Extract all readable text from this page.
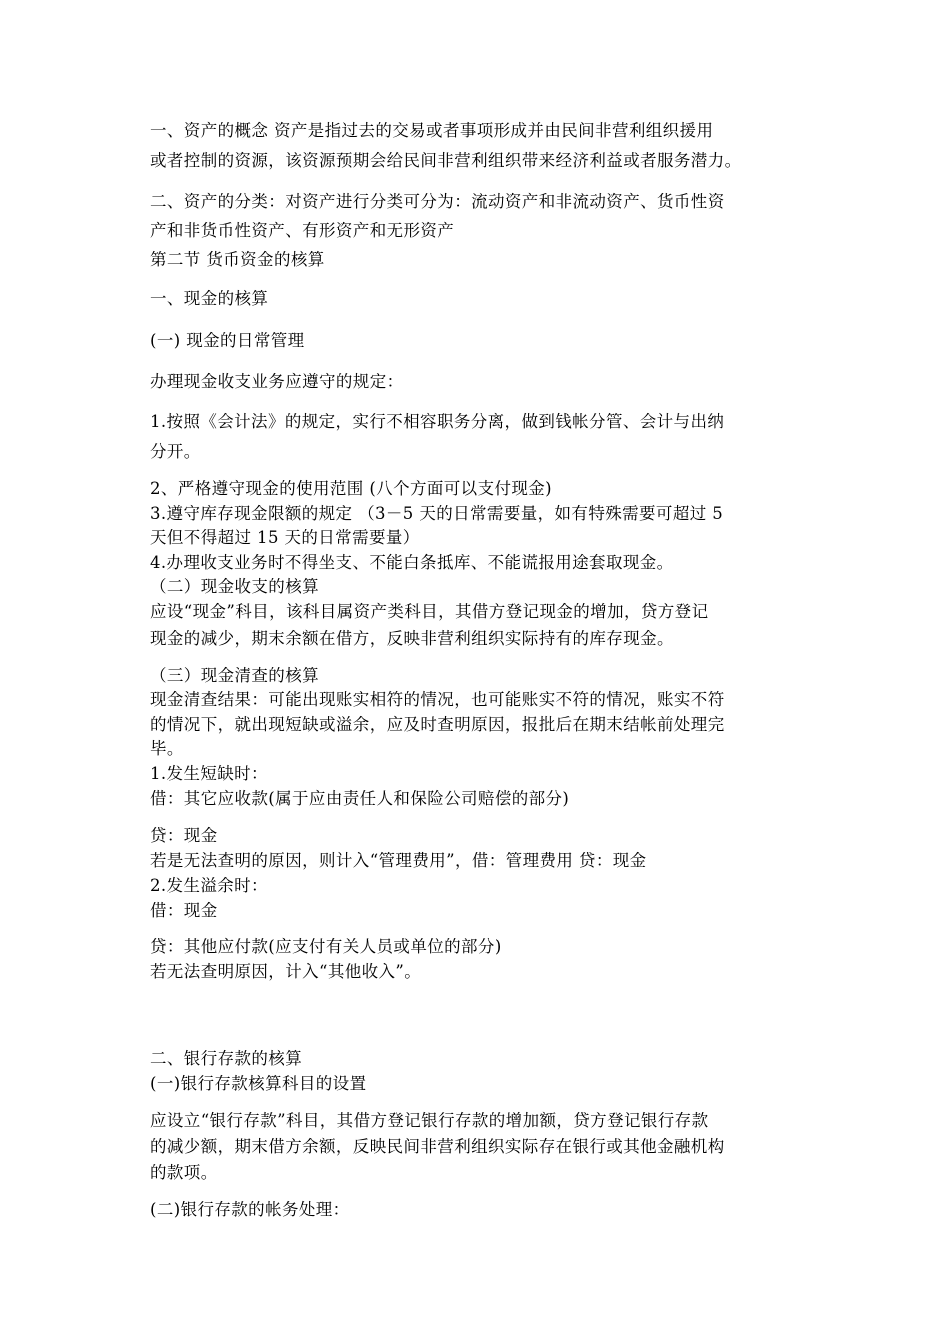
一、资产的概念 资产是指过去的交易或者事项形成并由民间非营利组织援用
或者控制的资源，该资源预期会给民间非营利组织带来经济利益或者服务潜力。
二、资产的分类：对资产进行分类可分为：流动资产和非流动资产、货币性资
产和非货币性资产、有形资产和无形资产
第二节 货币资金的核算
一、现金的核算
(一) 现金的日常管理
办理现金收支业务应遵守的规定：
1.按照《会计法》的规定，实行不相容职务分离，做到钱帐分管、会计与出纳
分开。
2、严格遵守现金的使用范围 (八个方面可以支付现金)
3.遵守库存现金限额的规定 （3－5 天的日常需要量，如有特殊需要可超过 5
天但不得超过 15 天的日常需要量）
4.办理收支业务时不得坐支、不能白条抵库、不能谎报用途套取现金。
（二）现金收支的核算
应设“现金”科目，该科目属资产类科目，其借方登记现金的增加，贷方登记
现金的减少，期末余额在借方，反映非营利组织实际持有的库存现金。
（三）现金清查的核算
现金清查结果：可能出现账实相符的情况，也可能账实不符的情况，账实不符
的情况下，就出现短缺或溢余，应及时查明原因，报批后在期末结帐前处理完
毕。
1.发生短缺时：
借：其它应收款(属于应由责任人和保险公司赔偿的部分)
贷：现金
若是无法查明的原因，则计入“管理费用”，借：管理费用 贷：现金
2.发生溢余时：
借：现金
贷：其他应付款(应支付有关人员或单位的部分)
若无法查明原因，计入“其他收入”。
二、银行存款的核算
(一)银行存款核算科目的设置
应设立“银行存款”科目，其借方登记银行存款的增加额，贷方登记银行存款
的减少额，期末借方余额，反映民间非营利组织实际存在银行或其他金融机构
的款项。
(二)银行存款的帐务处理：
